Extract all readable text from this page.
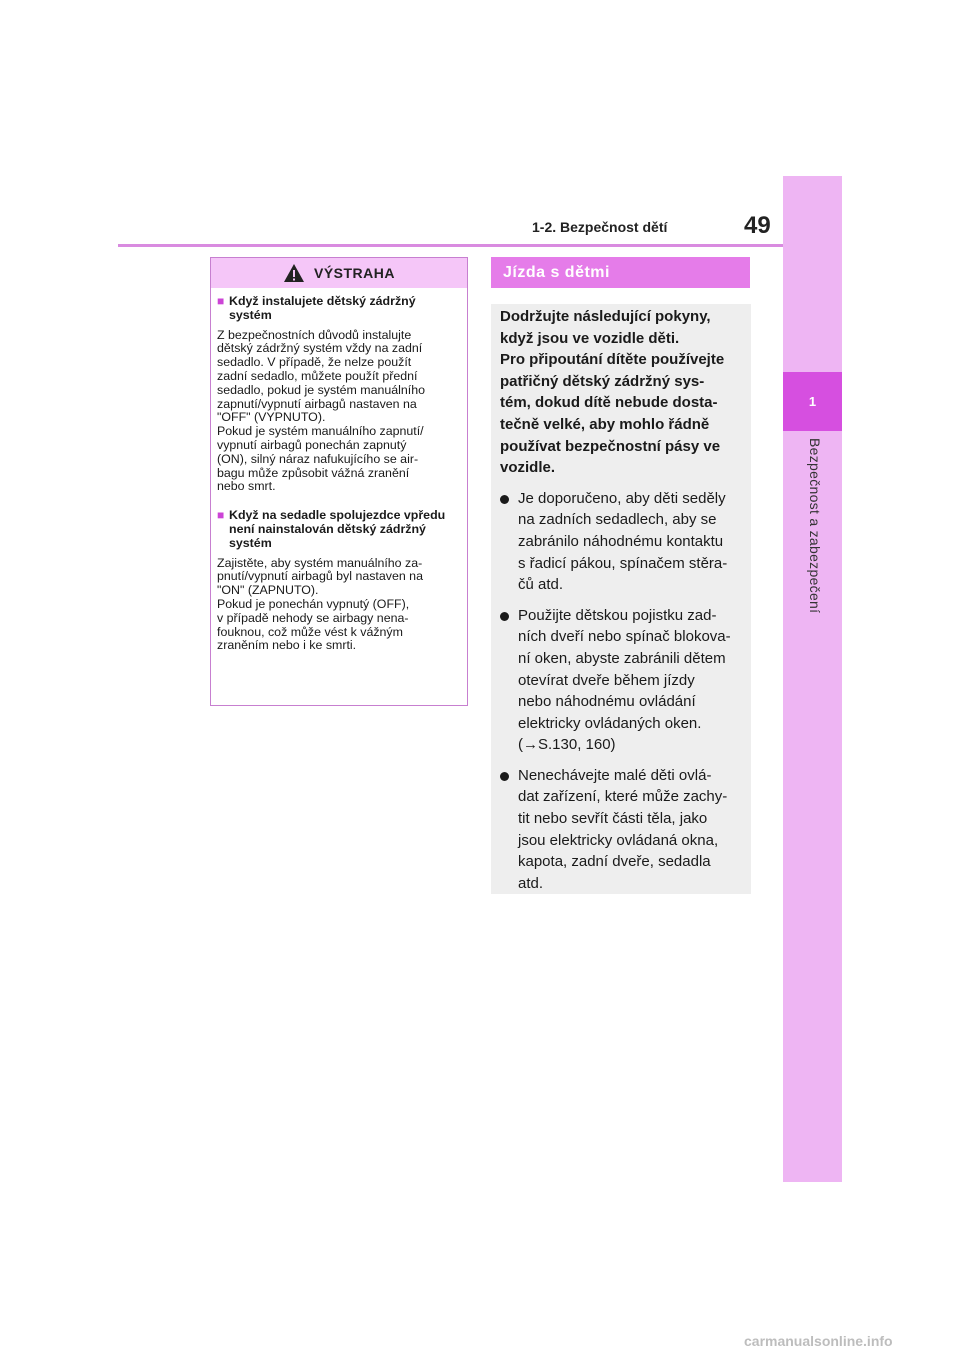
1
Bezpečnost a zabezpečení
1-2. Bezpečnost dětí	49
VÝSTRAHA
■ Když instalujete dětský zádržný systém
Z bezpečnostních důvodů instalujte
dětský zádržný systém vždy na zadní
sedadlo. V případě, že nelze použít
zadní sedadlo, můžete použít přední
sedadlo, pokud je systém manuálního
zapnutí/vypnutí airbagů nastaven na
"OFF" (VYPNUTO).
Pokud je systém manuálního zapnutí/
vypnutí airbagů ponechán zapnutý
(ON), silný náraz nafukujícího se air-
bagu může způsobit vážná zranění
nebo smrt.
■ Když na sedadle spolujezdce vpředu není nainstalován dětský zádržný systém
Zajistěte, aby systém manuálního za-
pnutí/vypnutí airbagů byl nastaven na
"ON" (ZAPNUTO).
Pokud je ponechán vypnutý (OFF),
v případě nehody se airbagy nena-
fouknou, což může vést k vážným
zraněním nebo i ke smrti.
Jízda s dětmi
Dodržujte následující pokyny,
když jsou ve vozidle děti.
Pro připoutání dítěte používejte
patřičný dětský zádržný sys-
tém, dokud dítě nebude dosta-
tečně velké, aby mohlo řádně
používat bezpečnostní pásy ve
vozidle.
Je doporučeno, aby děti seděly
na zadních sedadlech, aby se
zabránilo náhodnému kontaktu
s řadicí pákou, spínačem stěra-
čů atd.
Použijte dětskou pojistku zad-
ních dveří nebo spínač blokova-
ní oken, abyste zabránili dětem
otevírat dveře během jízdy
nebo náhodnému ovládání
elektricky ovládaných oken.
(→S.130, 160)
Nenechávejte malé děti ovlá-
dat zařízení, které může zachy-
tit nebo sevřít části těla, jako
jsou elektricky ovládaná okna,
kapota, zadní dveře, sedadla
atd.
carmanualsonline.info
